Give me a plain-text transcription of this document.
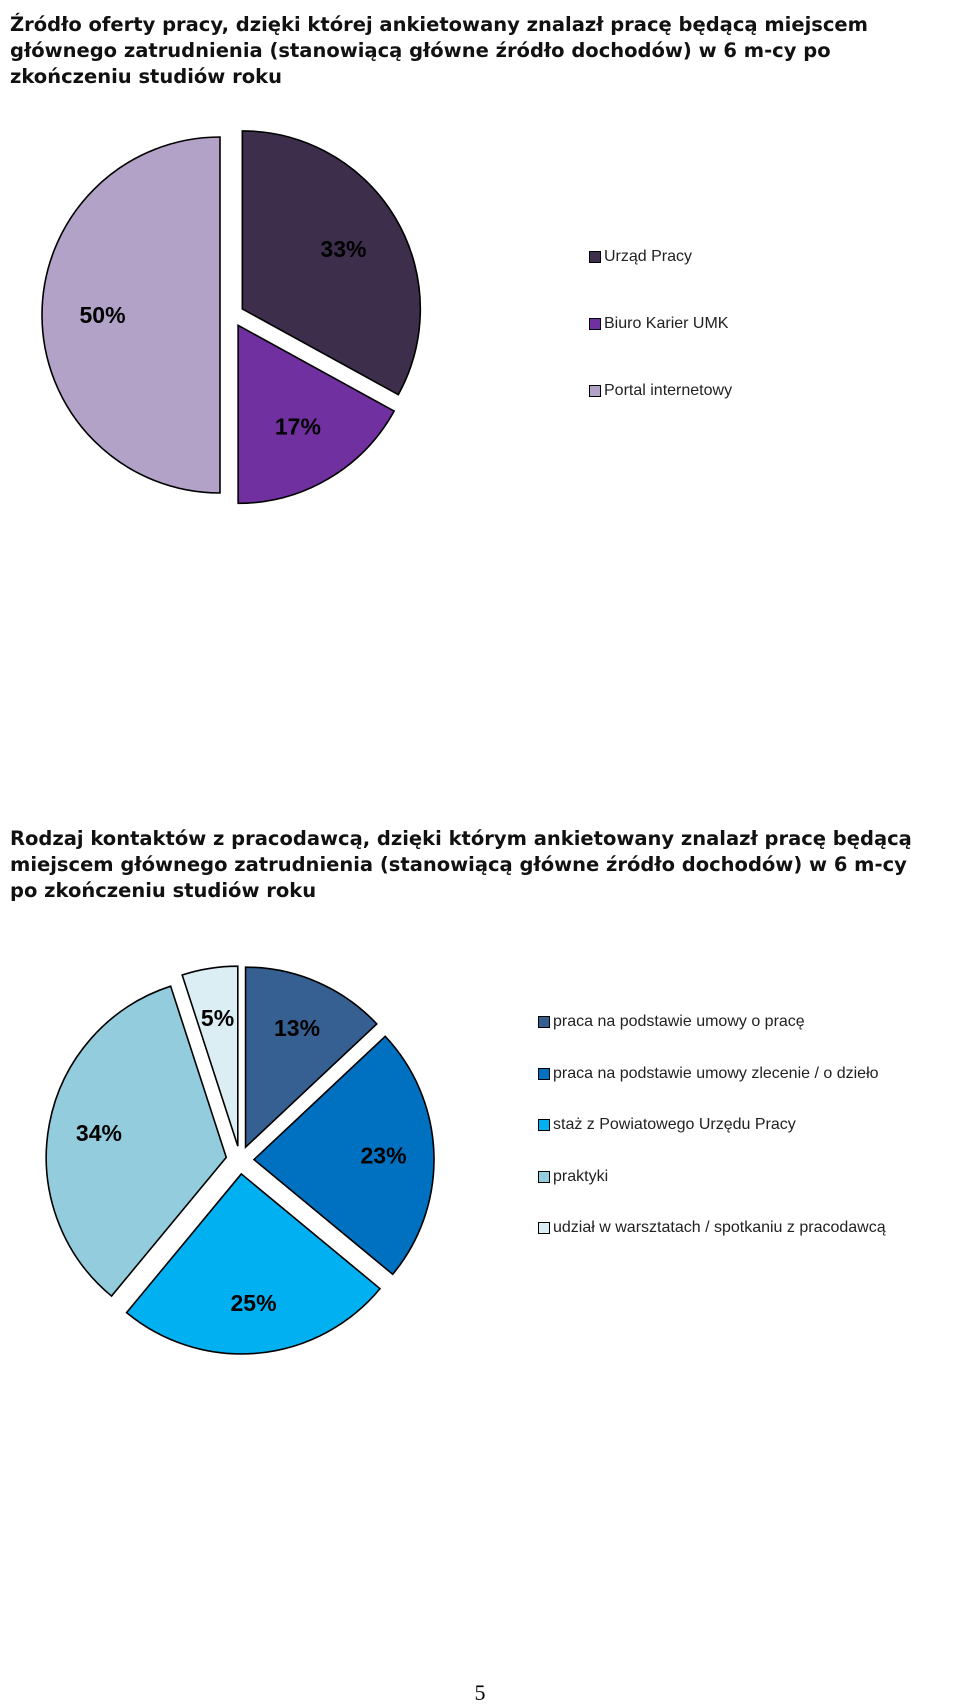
Źródło oferty pracy, dzięki której ankietowany znalazł pracę będącą miejscem głównego zatrudnienia (stanowiącą główne źródło dochodów) w 6 m-cy po zkończeniu studiów roku
33%
17%
50%
Urząd Pracy
Biuro Karier UMK
Portal internetowy
Rodzaj kontaktów z pracodawcą, dzięki którym ankietowany znalazł pracę będącą miejscem głównego zatrudnienia (stanowiącą główne źródło dochodów) w 6 m-cy po zkończeniu studiów roku
13%
23%
25%
34%
5%	praca na podstawie umowy o pracę
praca na podstawie umowy zlecenie / o dzieło
staż z Powiatowego Urzędu Pracy
praktyki
udział w warsztatach / spotkaniu z pracodawcą
5
